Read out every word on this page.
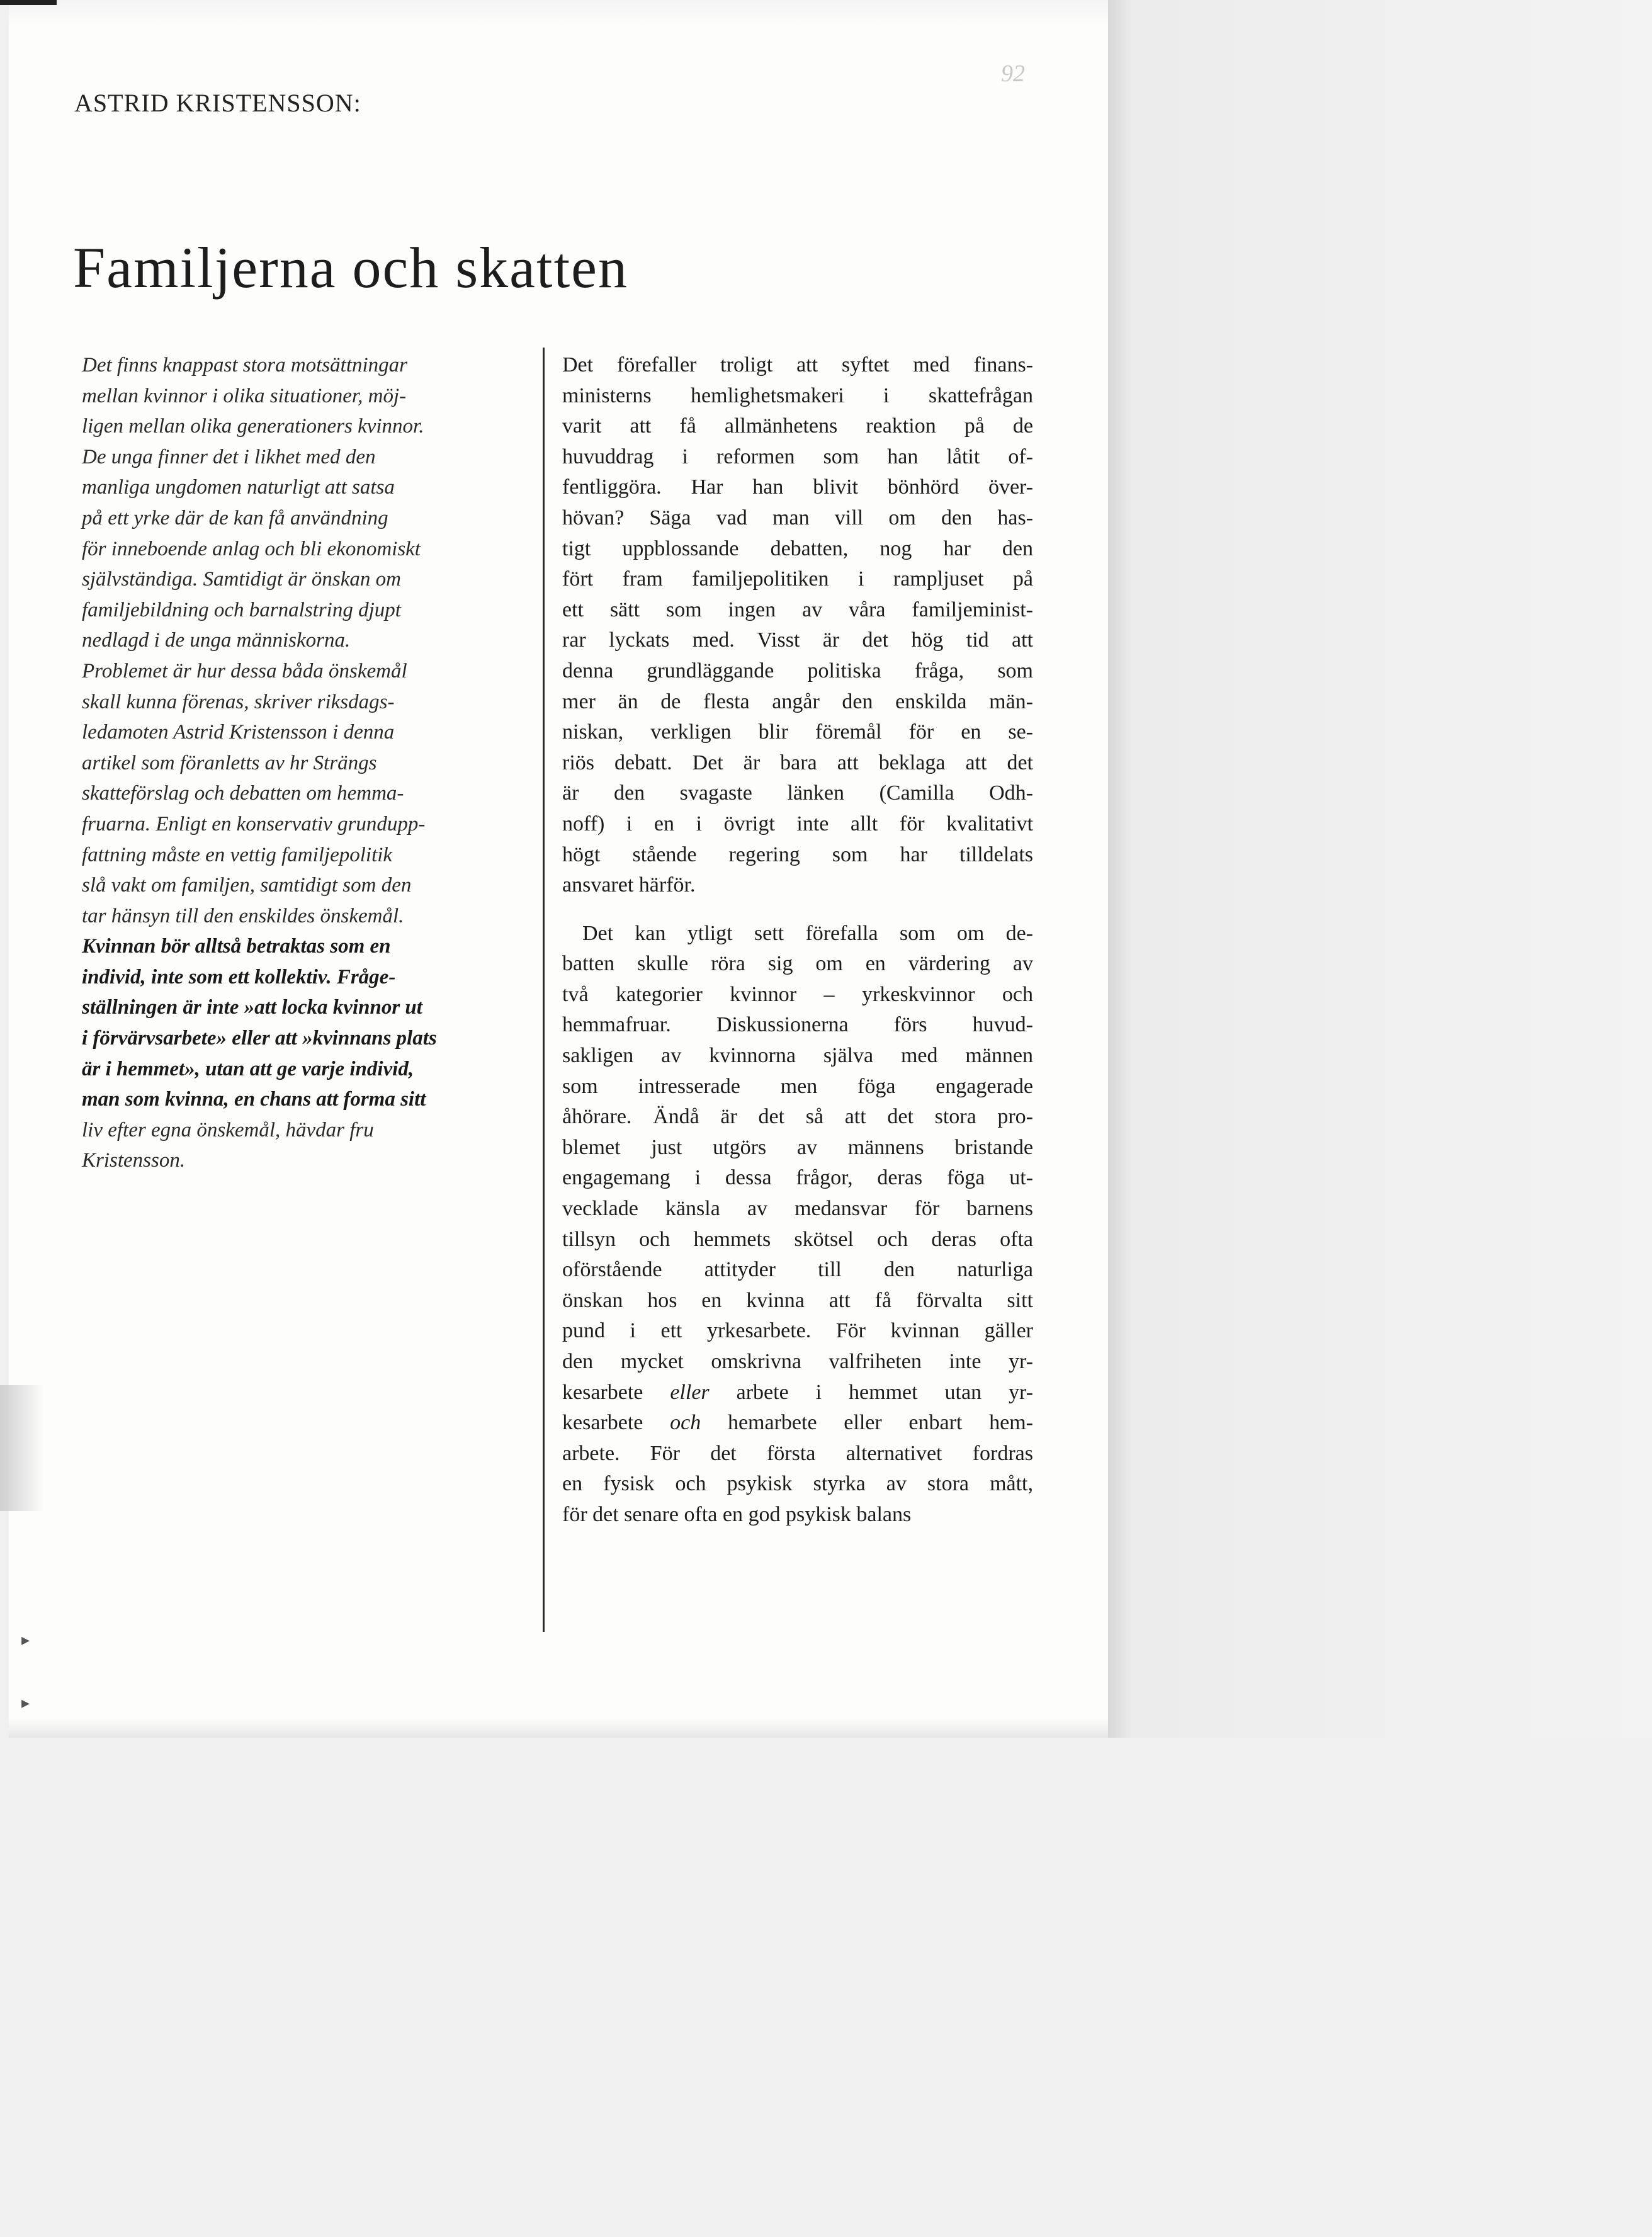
92
ASTRID KRISTENSSON:
Familjerna och skatten
Det finns knappast stora motsättningar
mellan kvinnor i olika situationer, möj-
ligen mellan olika generationers kvinnor.
De unga finner det i likhet med den
manliga ungdomen naturligt att satsa
på ett yrke där de kan få användning
för inneboende anlag och bli ekonomiskt
självständiga. Samtidigt är önskan om
familjebildning och barnalstring djupt
nedlagd i de unga människorna.
Problemet är hur dessa båda önskemål
skall kunna förenas, skriver riksdags-
ledamoten Astrid Kristensson i denna
artikel som föranletts av hr Strängs
skatteförslag och debatten om hemma-
fruarna. Enligt en konservativ grundupp-
fattning måste en vettig familjepolitik
slå vakt om familjen, samtidigt som den
tar hänsyn till den enskildes önskemål.
Kvinnan bör alltså betraktas som en
individ, inte som ett kollektiv. Fråge-
ställningen är inte »att locka kvinnor ut
i förvärvsarbete» eller att »kvinnans plats
är i hemmet», utan att ge varje individ,
man som kvinna, en chans att forma sitt
liv efter egna önskemål, hävdar fru
Kristensson.
Det förefaller troligt att syftet med finans-
ministerns hemlighetsmakeri i skattefrågan
varit att få allmänhetens reaktion på de
huvuddrag i reformen som han låtit of-
fentliggöra. Har han blivit bönhörd över-
hövan? Säga vad man vill om den has-
tigt uppblossande debatten, nog har den
fört fram familjepolitiken i rampljuset på
ett sätt som ingen av våra familjeminist-
rar lyckats med. Visst är det hög tid att
denna grundläggande politiska fråga, som
mer än de flesta angår den enskilda män-
niskan, verkligen blir föremål för en se-
riös debatt. Det är bara att beklaga att det
är den svagaste länken (Camilla Odh-
noff) i en i övrigt inte allt för kvalitativt
högt stående regering som har tilldelats
ansvaret härför.
Det kan ytligt sett förefalla som om de-
batten skulle röra sig om en värdering av
två kategorier kvinnor – yrkeskvinnor och
hemmafruar. Diskussionerna förs huvud-
sakligen av kvinnorna själva med männen
som intresserade men föga engagerade
åhörare. Ändå är det så att det stora pro-
blemet just utgörs av männens bristande
engagemang i dessa frågor, deras föga ut-
vecklade känsla av medansvar för barnens
tillsyn och hemmets skötsel och deras ofta
oförstående attityder till den naturliga
önskan hos en kvinna att få förvalta sitt
pund i ett yrkesarbete. För kvinnan gäller
den mycket omskrivna valfriheten inte yr-
kesarbete eller arbete i hemmet utan yr-
kesarbete och hemarbete eller enbart hem-
arbete. För det första alternativet fordras
en fysisk och psykisk styrka av stora mått,
för det senare ofta en god psykisk balans

▸
▸
